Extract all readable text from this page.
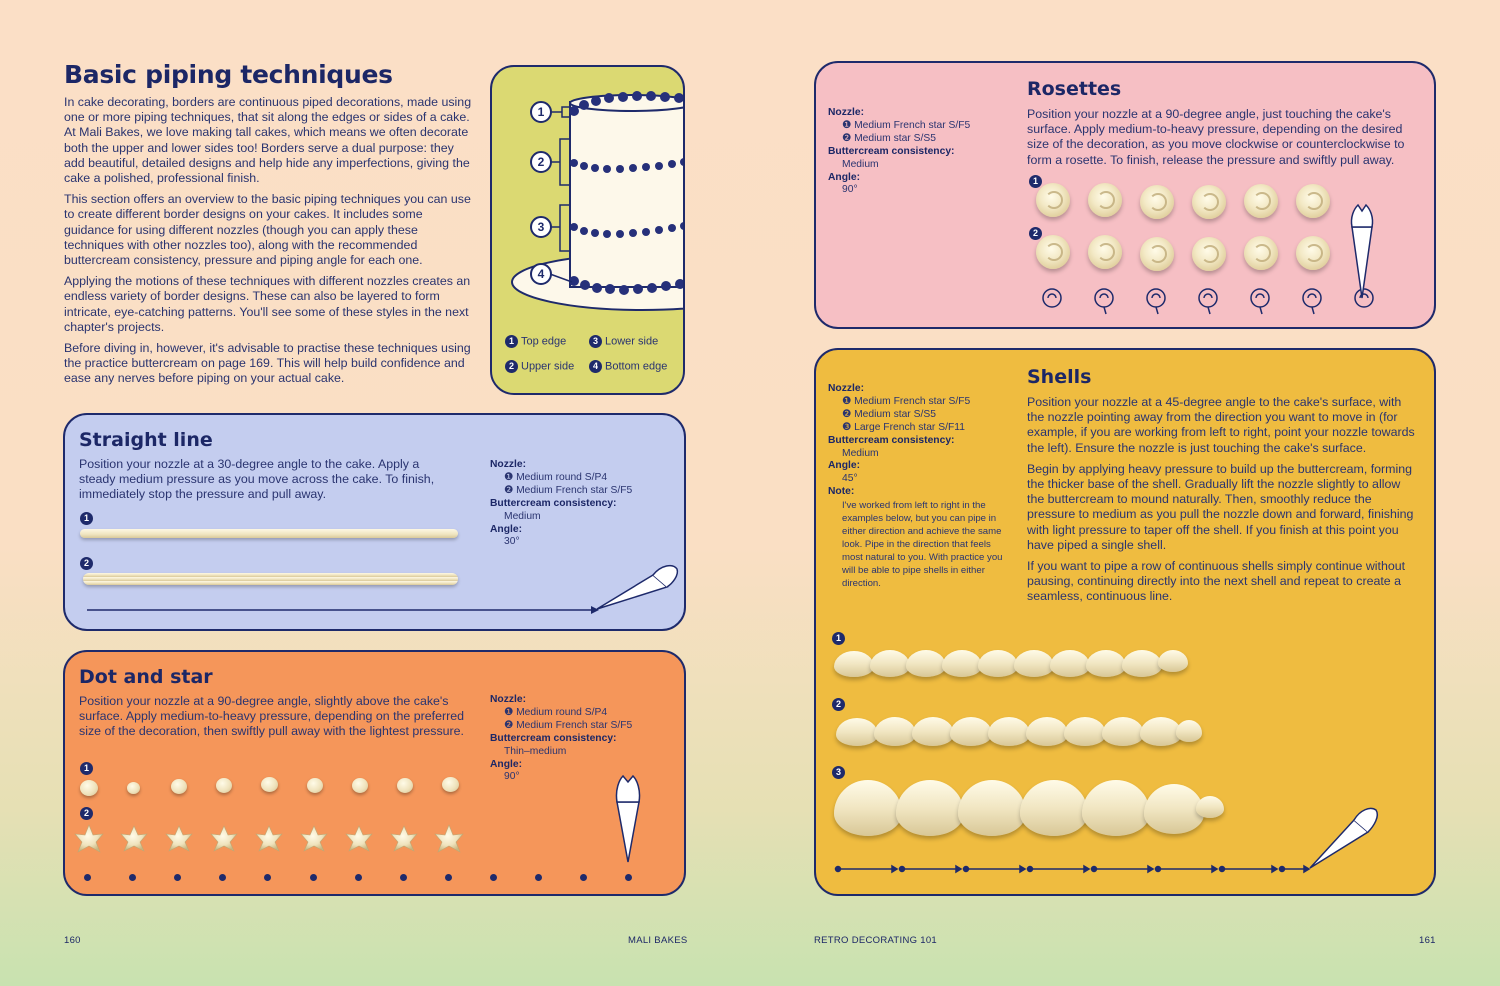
Basic piping techniques

In cake decorating, borders are continuous piped decorations, made using one or more piping techniques, that sit along the edges or sides of a cake. At Mali Bakes, we love making tall cakes, which means we often decorate both the upper and lower sides too! Borders serve a dual purpose: they add beautiful, detailed designs and help hide any imperfections, giving the cake a polished, professional finish.

This section offers an overview to the basic piping techniques you can use to create different border designs on your cakes. It includes some guidance for using different nozzles (though you can apply these techniques with other nozzles too), along with the recommended buttercream consistency, pressure and piping angle for each one.

Applying the motions of these techniques with different nozzles creates an endless variety of border designs. These can also be layered to form intricate, eye-catching patterns. You'll see some of these styles in the next chapter's projects.

Before diving in, however, it's advisable to practise these techniques using the practice buttercream on page 169. This will help build confidence and ease any nerves before piping on your actual cake.

1
2
3
4
1 Top edge	3 Lower side
2 Upper side	4 Bottom edge
Straight line
Position your nozzle at a 30-degree angle to the cake. Apply a steady medium pressure as you move across the cake. To finish, immediately stop the pressure and pull away.
Nozzle:
❶ Medium round S/P4
❷ Medium French star S/F5
Buttercream consistency:
Medium
Angle:
30°
1
2
Dot and star
Position your nozzle at a 90-degree angle, slightly above the cake's surface. Apply medium-to-heavy pressure, depending on the preferred size of the decoration, then swiftly pull away with the lightest pressure.
Nozzle:
❶ Medium round S/P4
❷ Medium French star S/F5
Buttercream consistency:
Thin–medium
Angle:
90°
1
2
160	MALI BAKES
Rosettes
Position your nozzle at a 90-degree angle, just touching the cake's surface. Apply medium-to-heavy pressure, depending on the desired size of the decoration, as you move clockwise or counterclockwise to form a rosette. To finish, release the pressure and swiftly pull away.
Nozzle:
❶ Medium French star S/F5
❷ Medium star S/S5
Buttercream consistency:
Medium
Angle:
90°
1
2
Shells

Position your nozzle at a 45-degree angle to the cake's surface, with the nozzle pointing away from the direction you want to move in (for example, if you are working from left to right, point your nozzle towards the left). Ensure the nozzle is just touching the cake's surface.

Begin by applying heavy pressure to build up the buttercream, forming the thicker base of the shell. Gradually lift the nozzle slightly to allow the buttercream to mound naturally. Then, smoothly reduce the pressure to medium as you pull the nozzle down and forward, finishing with light pressure to taper off the shell. If you finish at this point you have piped a single shell.

If you want to pipe a row of continuous shells simply continue without pausing, continuing directly into the next shell and repeat to create a seamless, continuous line.

Nozzle:
❶ Medium French star S/F5
❷ Medium star S/S5
❸ Large French star S/F11
Buttercream consistency:
Medium
Angle:
45°
Note:
I've worked from left to right in the examples below, but you can pipe in either direction and achieve the same look. Pipe in the direction that feels most natural to you. With practice you will be able to pipe shells in either direction.
1
2
3
RETRO DECORATING 101	161
